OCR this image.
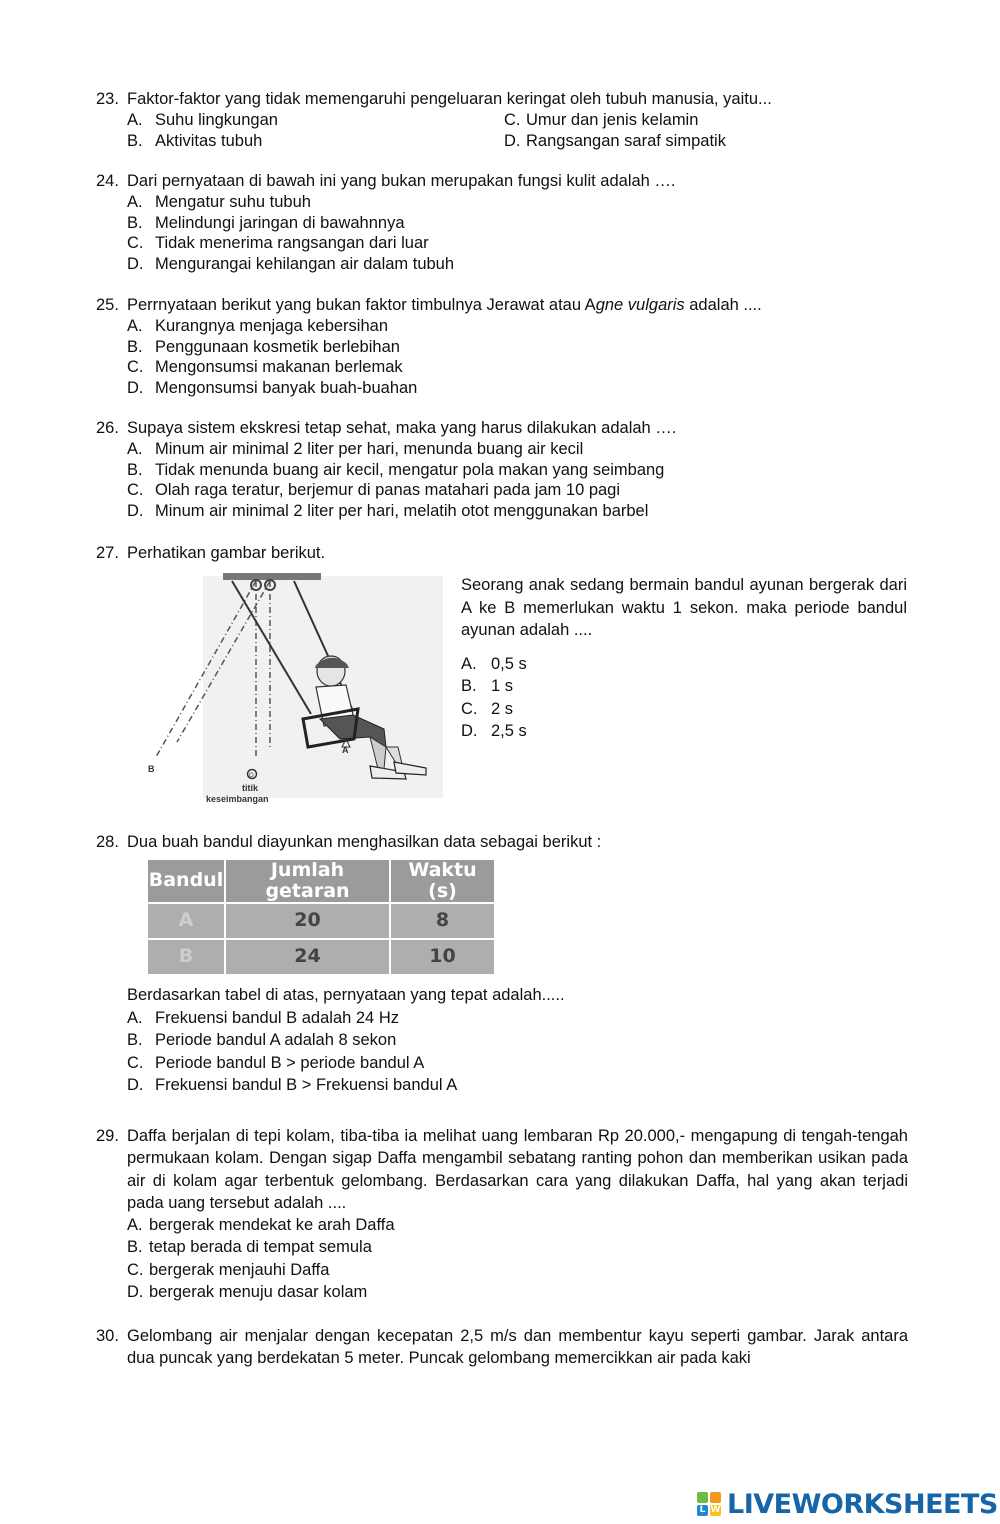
23. Faktor-faktor yang tidak memengaruhi pengeluaran keringat oleh tubuh manusia, yaitu...
A. Suhu lingkungan
B. Aktivitas tubuh
C. Umur dan jenis kelamin
D. Rangsangan saraf simpatik
24. Dari pernyataan di bawah ini yang bukan merupakan fungsi kulit adalah ….
A. Mengatur suhu tubuh
B. Melindungi jaringan di bawahnnya
C. Tidak menerima rangsangan dari luar
D. Mengurangai kehilangan air dalam tubuh
25. Perrnyataan berikut yang bukan faktor timbulnya Jerawat atau Agne vulgaris adalah ....
A. Kurangnya menjaga kebersihan
B. Penggunaan kosmetik berlebihan
C. Mengonsumsi makanan berlemak
D. Mengonsumsi banyak buah-buahan
26. Supaya sistem ekskresi tetap sehat, maka yang harus dilakukan adalah ….
A. Minum air minimal 2 liter per hari, menunda buang air kecil
B. Tidak menunda buang air kecil, mengatur pola makan yang seimbang
C. Olah raga teratur, berjemur di panas matahari pada jam 10 pagi
D. Minum air minimal 2 liter per hari, melatih otot menggunakan barbel
27. Perhatikan gambar berikut.
A
B
O
titik
keseimbangan
Seorang anak sedang bermain bandul ayunan bergerak dari A ke B memerlukan waktu 1 sekon. maka periode bandul ayunan adalah ....
A. 0,5 s
B. 1 s
C. 2 s
D. 2,5 s
28. Dua buah bandul diayunkan menghasilkan data sebagai berikut :
Bandul	Jumlah getaran	Waktu (s)
A	20	8
B	24	10
Berdasarkan tabel di atas, pernyataan yang tepat adalah.....
A. Frekuensi bandul B adalah 24 Hz
B. Periode bandul A adalah 8 sekon
C. Periode bandul B > periode bandul A
D. Frekuensi bandul B > Frekuensi bandul A
29. Daffa berjalan di tepi kolam, tiba-tiba ia melihat uang lembaran Rp 20.000,- mengapung di tengah-tengah permukaan kolam. Dengan sigap Daffa mengambil sebatang ranting pohon dan memberikan usikan pada air di kolam agar terbentuk gelombang. Berdasarkan cara yang dilakukan Daffa, hal yang akan terjadi pada uang tersebut adalah ....
A. bergerak mendekat ke arah Daffa
B. tetap berada di tempat semula
C. bergerak menjauhi Daffa
D. bergerak menuju dasar kolam
30. Gelombang air menjalar dengan kecepatan 2,5 m/s dan membentur kayu seperti gambar. Jarak antara dua puncak yang berdekatan 5 meter. Puncak gelombang memercikkan air pada kaki
L W LIVEWORKSHEETS
